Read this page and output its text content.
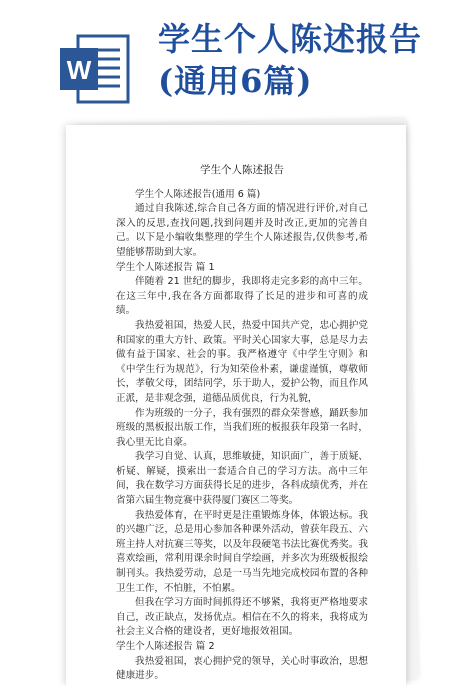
W
学生个人陈述报告
(通用6篇)
学生个人陈述报告

学生个人陈述报告(通用 6 篇)

通过自我陈述,综合自己各方面的情况进行评价,对自己深入的反思,查找问题,找到问题并及时改正,更加的完善自己。以下是小编收集整理的学生个人陈述报告,仅供参考,希望能够帮助到大家。

学生个人陈述报告 篇 1

伴随着 21 世纪的脚步，我即将走完多彩的高中三年。在这三年中,我在各方面都取得了长足的进步和可喜的成绩。

我热爱祖国，热爱人民，热爱中国共产党，忠心拥护党和国家的重大方针、政策。平时关心国家大事，总是尽力去做有益于国家、社会的事。我严格遵守《中学生守则》和《中学生行为规范》，行为知荣俭朴素，谦虚谨慎，尊敬师长，孝敬父母，团结同学，乐于助人，爱护公物，而且作风正派，是非观念强，道德品质优良，行为礼貌，

作为班级的一分子，我有强烈的群众荣誉感，踊跃参加班级的黑板报出版工作，当我们班的板报获年段第一名时，我心里无比自豪。

我学习自觉、认真，思维敏捷，知识面广，善于质疑、析疑、解疑，摸索出一套适合自己的学习方法。高中三年间，我在数学习方面获得长足的进步，各科成绩优秀，并在省第六届生物竞赛中获得厦门赛区二等奖。

我热爱体育，在平时更是注重锻炼身体，体锻达标。我的兴趣广泛，总是用心参加各种课外活动，曾获年段五、六班主持人对抗赛三等奖，以及年段硬笔书法比赛优秀奖。我喜欢绘画，常利用课余时间自学绘画，并多次为班级板报绘制刊头。我热爱劳动，总是一马当先地完成校园布置的各种卫生工作，不怕脏，不怕累。

但我在学习方面时间抓得还不够紧，我将更严格地要求自己，改正缺点，发扬优点。相信在不久的将来，我将成为社会主义合格的建设者，更好地报效祖国。

学生个人陈述报告 篇 2

我热爱祖国，衷心拥护党的领导，关心时事政治，思想健康进步。
